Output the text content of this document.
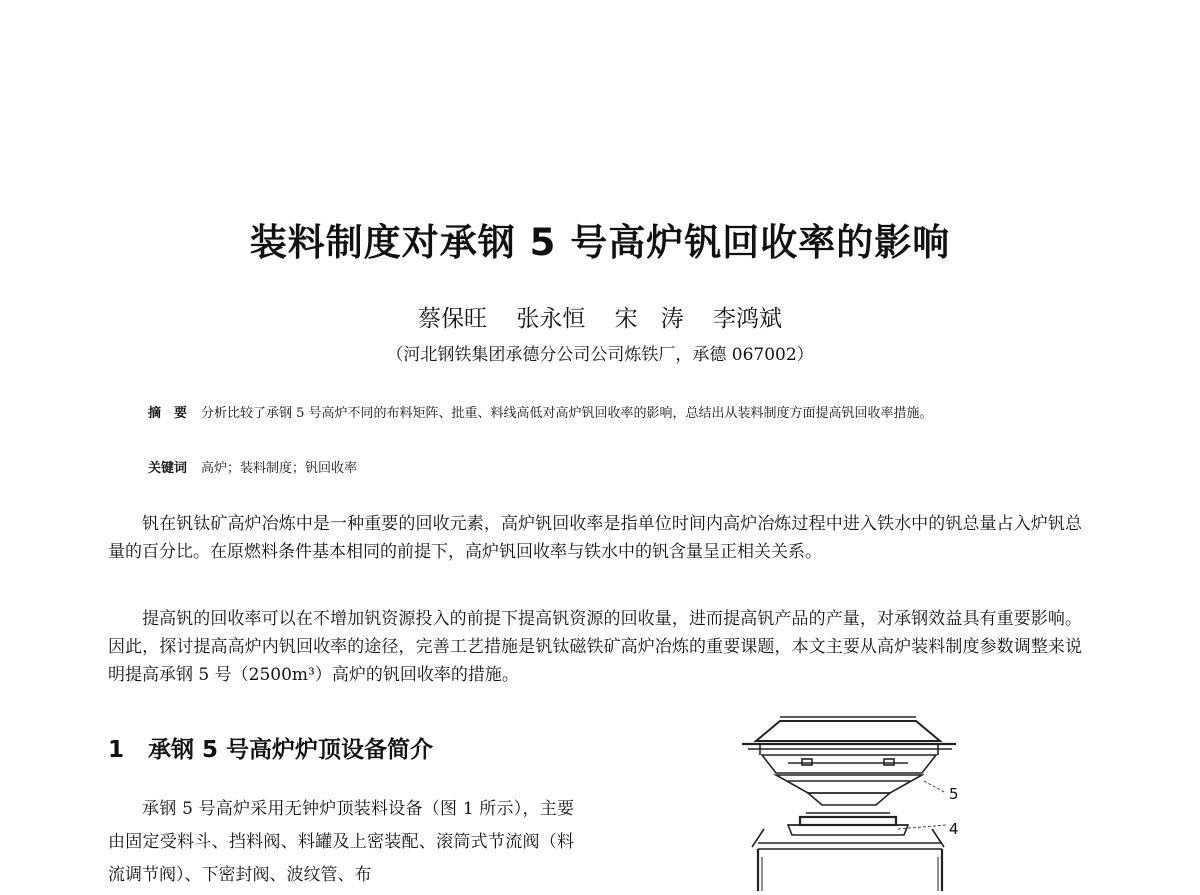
装料制度对承钢 5 号高炉钒回收率的影响

蔡保旺 张永恒 宋　涛 李鸿斌

（河北钢铁集团承德分公司公司炼铁厂，承德 067002）

摘　要 分析比较了承钢 5 号高炉不同的布料矩阵、批重、料线高低对高炉钒回收率的影响，总结出从装料制度方面提高钒回收率措施。

关键词 高炉；装料制度；钒回收率

钒在钒钛矿高炉冶炼中是一种重要的回收元素，高炉钒回收率是指单位时间内高炉冶炼过程中进入铁水中的钒总量占入炉钒总量的百分比。在原燃料条件基本相同的前提下，高炉钒回收率与铁水中的钒含量呈正相关关系。

提高钒的回收率可以在不增加钒资源投入的前提下提高钒资源的回收量，进而提高钒产品的产量，对承钢效益具有重要影响。因此，探讨提高高炉内钒回收率的途径，完善工艺措施是钒钛磁铁矿高炉冶炼的重要课题，本文主要从高炉装料制度参数调整来说明提高承钢 5 号（2500m³）高炉的钒回收率的措施。

1 承钢 5 号高炉炉顶设备简介

承钢 5 号高炉采用无钟炉顶装料设备（图 1 所示），主要由固定受料斗、挡料阀、料罐及上密装配、滚筒式节流阀（料流调节阀）、下密封阀、波纹管、布

5
4
